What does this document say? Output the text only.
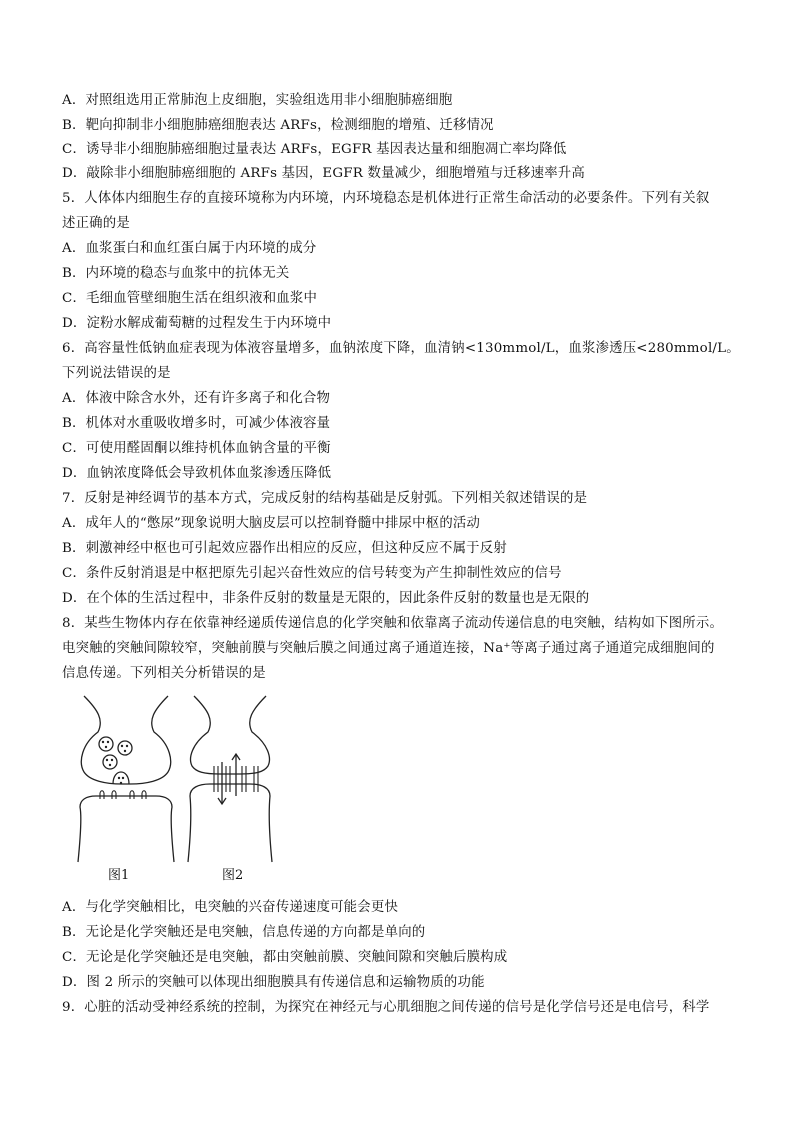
A．对照组选用正常肺泡上皮细胞，实验组选用非小细胞肺癌细胞
B．靶向抑制非小细胞肺癌细胞表达 ARFs，检测细胞的增殖、迁移情况
C．诱导非小细胞肺癌细胞过量表达 ARFs，EGFR 基因表达量和细胞凋亡率均降低
D．敲除非小细胞肺癌细胞的 ARFs 基因，EGFR 数量减少，细胞增殖与迁移速率升高
5．人体体内细胞生存的直接环境称为内环境，内环境稳态是机体进行正常生命活动的必要条件。下列有关叙
述正确的是
A．血浆蛋白和血红蛋白属于内环境的成分
B．内环境的稳态与血浆中的抗体无关
C．毛细血管壁细胞生活在组织液和血浆中
D．淀粉水解成葡萄糖的过程发生于内环境中
6．高容量性低钠血症表现为体液容量增多，血钠浓度下降，血清钠<130mmol/L，血浆渗透压<280mmol/L。
下列说法错误的是
A．体液中除含水外，还有许多离子和化合物
B．机体对水重吸收增多时，可减少体液容量
C．可使用醛固酮以维持机体血钠含量的平衡
D．血钠浓度降低会导致机体血浆渗透压降低
7．反射是神经调节的基本方式，完成反射的结构基础是反射弧。下列相关叙述错误的是
A．成年人的“憋尿”现象说明大脑皮层可以控制脊髓中排尿中枢的活动
B．刺激神经中枢也可引起效应器作出相应的反应，但这种反应不属于反射
C．条件反射消退是中枢把原先引起兴奋性效应的信号转变为产生抑制性效应的信号
D．在个体的生活过程中，非条件反射的数量是无限的，因此条件反射的数量也是无限的
8．某些生物体内存在依靠神经递质传递信息的化学突触和依靠离子流动传递信息的电突触，结构如下图所示。
电突触的突触间隙较窄，突触前膜与突触后膜之间通过离子通道连接，Na⁺等离子通过离子通道完成细胞间的
信息传递。下列相关分析错误的是
图1	图2
A．与化学突触相比，电突触的兴奋传递速度可能会更快
B．无论是化学突触还是电突触，信息传递的方向都是单向的
C．无论是化学突触还是电突触，都由突触前膜、突触间隙和突触后膜构成
D．图 2 所示的突触可以体现出细胞膜具有传递信息和运输物质的功能
9．心脏的活动受神经系统的控制，为探究在神经元与心肌细胞之间传递的信号是化学信号还是电信号，科学
